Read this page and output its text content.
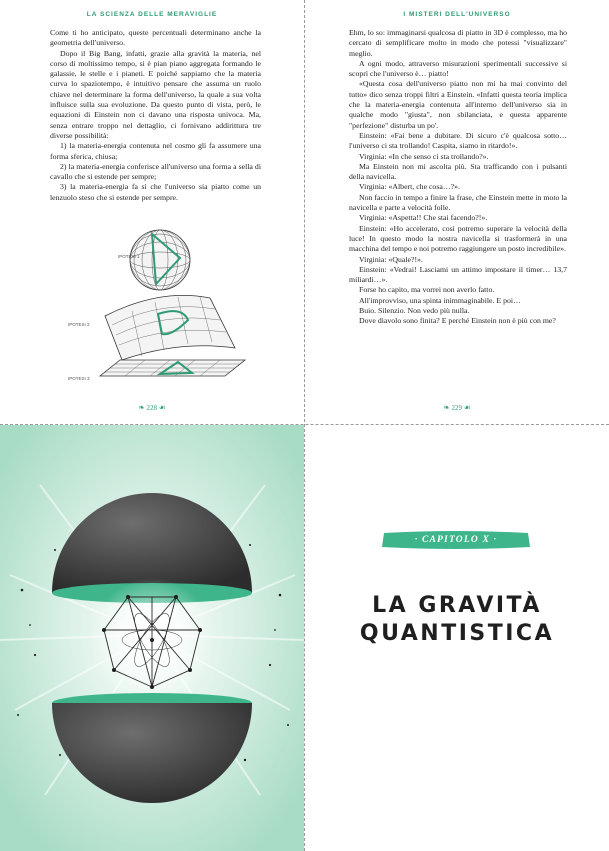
LA SCIENZA DELLE MERAVIGLIE

Come ti ho anticipato, queste percentuali determinano anche la geometria dell'universo.

Dopo il Big Bang, infatti, grazie alla gravità la materia, nel corso di moltissimo tempo, si è pian piano aggregata formando le galassie, le stelle e i pianeti. E poiché sappiamo che la materia curva lo spaziotempo, è intuitivo pensare che assuma un ruolo chiave nel determinare la forma dell'universo, la quale a sua volta influisce sulla sua evoluzione. Da questo punto di vista, però, le equazioni di Einstein non ci davano una risposta univoca. Ma, senza entrare troppo nel dettaglio, ci fornivano addirittura tre diverse possibilità:

1) la materia-energia contenuta nel cosmo gli fa assumere una forma sferica, chiusa;

2) la materia-energia conferisce all'universo una forma a sella di cavallo che si estende per sempre;

3) la materia-energia fa sì che l'universo sia piatto come un lenzuolo steso che si estende per sempre.

IPOTESI 1
IPOTESI 2
IPOTESI 3
❧ 228 ☙
I MISTERI DELL'UNIVERSO

Ehm, lo so: immaginarsi qualcosa di piatto in 3D è complesso, ma ho cercato di semplificare molto in modo che potessi "visualizzare" meglio.

A ogni modo, attraverso misurazioni sperimentali successive si scoprì che l'universo è… piatto!

«Questa cosa dell'universo piatto non mi ha mai convinto del tutto» dico senza troppi filtri a Einstein. «Infatti questa teoria implica che la materia-energia contenuta all'interno dell'universo sia in qualche modo "giusta", non sbilanciata, e questa apparente "perfezione" disturba un po'.

Einstein: «Fai bene a dubitare. Di sicuro c'è qualcosa sotto… l'universo ci sta trollando! Caspita, siamo in ritardo!».

Virginia: «In che senso ci sta trollando?».

Ma Einstein non mi ascolta più. Sta trafficando con i pulsanti della navicella.

Virginia: «Albert, che cosa…?».

Non faccio in tempo a finire la frase, che Einstein mette in moto la navicella e parte a velocità folle.

Virginia: «Aspetta!! Che stai facendo?!».

Einstein: «Ho accelerato, così potremo superare la velocità della luce! In questo modo la nostra navicella si trasformerà in una macchina del tempo e noi potremo raggiungere un posto incredibile».

Virginia: «Quale?!».

Einstein: «Vedrai! Lasciami un attimo impostare il timer… 13,7 miliardi…».

Forse ho capito, ma vorrei non averlo fatto.

All'improvviso, una spinta inimmaginabile. E poi…

Buio. Silenzio. Non vedo più nulla.

Dove diavolo sono finita? E perché Einstein non è più con me?

❧ 229 ☙
· CAPITOLO X ·
LA GRAVITÀ
QUANTISTICA
